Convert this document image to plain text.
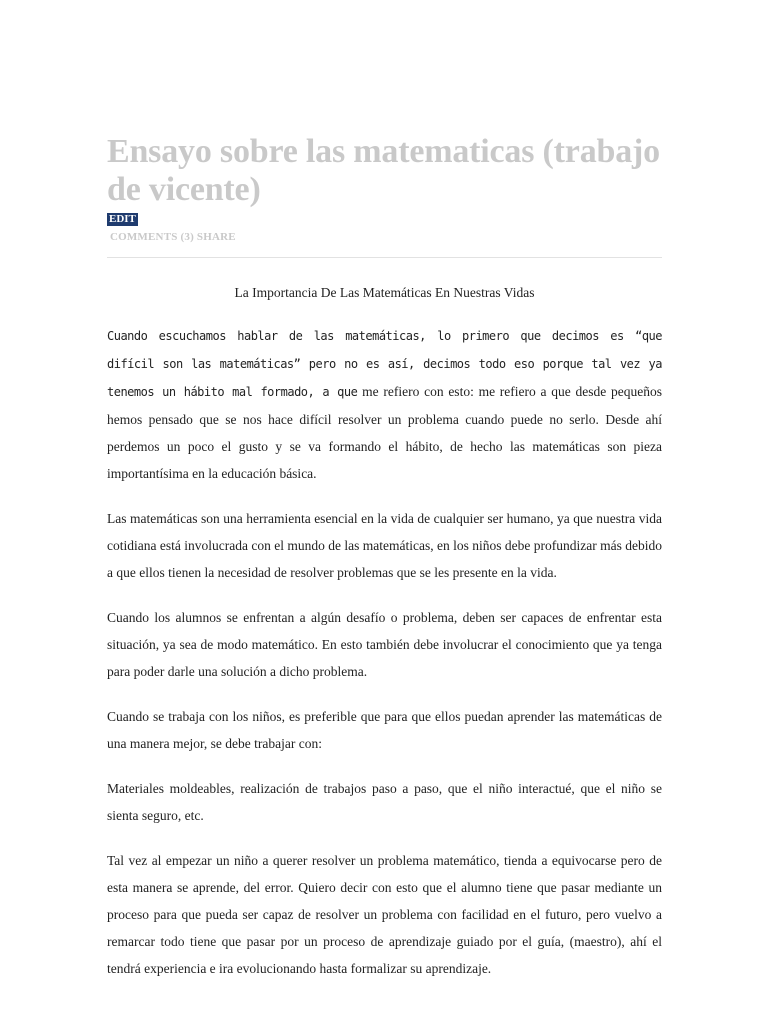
Ensayo sobre las matematicas (trabajo de vicente)
EDIT
COMMENTS (3) SHARE
La Importancia De Las Matemáticas En Nuestras Vidas
Cuando escuchamos hablar de las matemáticas, lo primero que decimos es “que difícil son las matemáticas” pero no es así, decimos todo eso porque tal vez ya tenemos un hábito mal formado, a que me refiero con esto: me refiero a que desde pequeños hemos pensado que se nos hace difícil resolver un problema cuando puede no serlo. Desde ahí perdemos un poco el gusto y se va formando el hábito, de hecho las matemáticas son pieza importantísima en la educación básica.
Las matemáticas son una herramienta esencial en la vida de cualquier ser humano, ya que nuestra vida cotidiana está involucrada con el mundo de las matemáticas, en los niños debe profundizar más debido a que ellos tienen la necesidad de resolver problemas que se les presente en la vida.
Cuando los alumnos se enfrentan a algún desafío o problema, deben ser capaces de enfrentar esta situación, ya sea de modo matemático. En esto también debe involucrar el conocimiento que ya tenga para poder darle una solución a dicho problema.
Cuando se trabaja con los niños, es preferible que para que ellos puedan aprender las matemáticas de una manera mejor, se debe trabajar con:
Materiales moldeables, realización de trabajos paso a paso, que el niño interactué, que el niño se sienta seguro, etc.
Tal vez al empezar un niño a querer resolver un problema matemático, tienda a equivocarse pero de esta manera se aprende, del error. Quiero decir con esto que el alumno tiene que pasar mediante un proceso para que pueda ser capaz de resolver un problema con facilidad en el futuro, pero vuelvo a remarcar todo tiene que pasar por un proceso de aprendizaje guiado por el guía, (maestro), ahí el tendrá experiencia e ira evolucionando hasta formalizar su aprendizaje.
